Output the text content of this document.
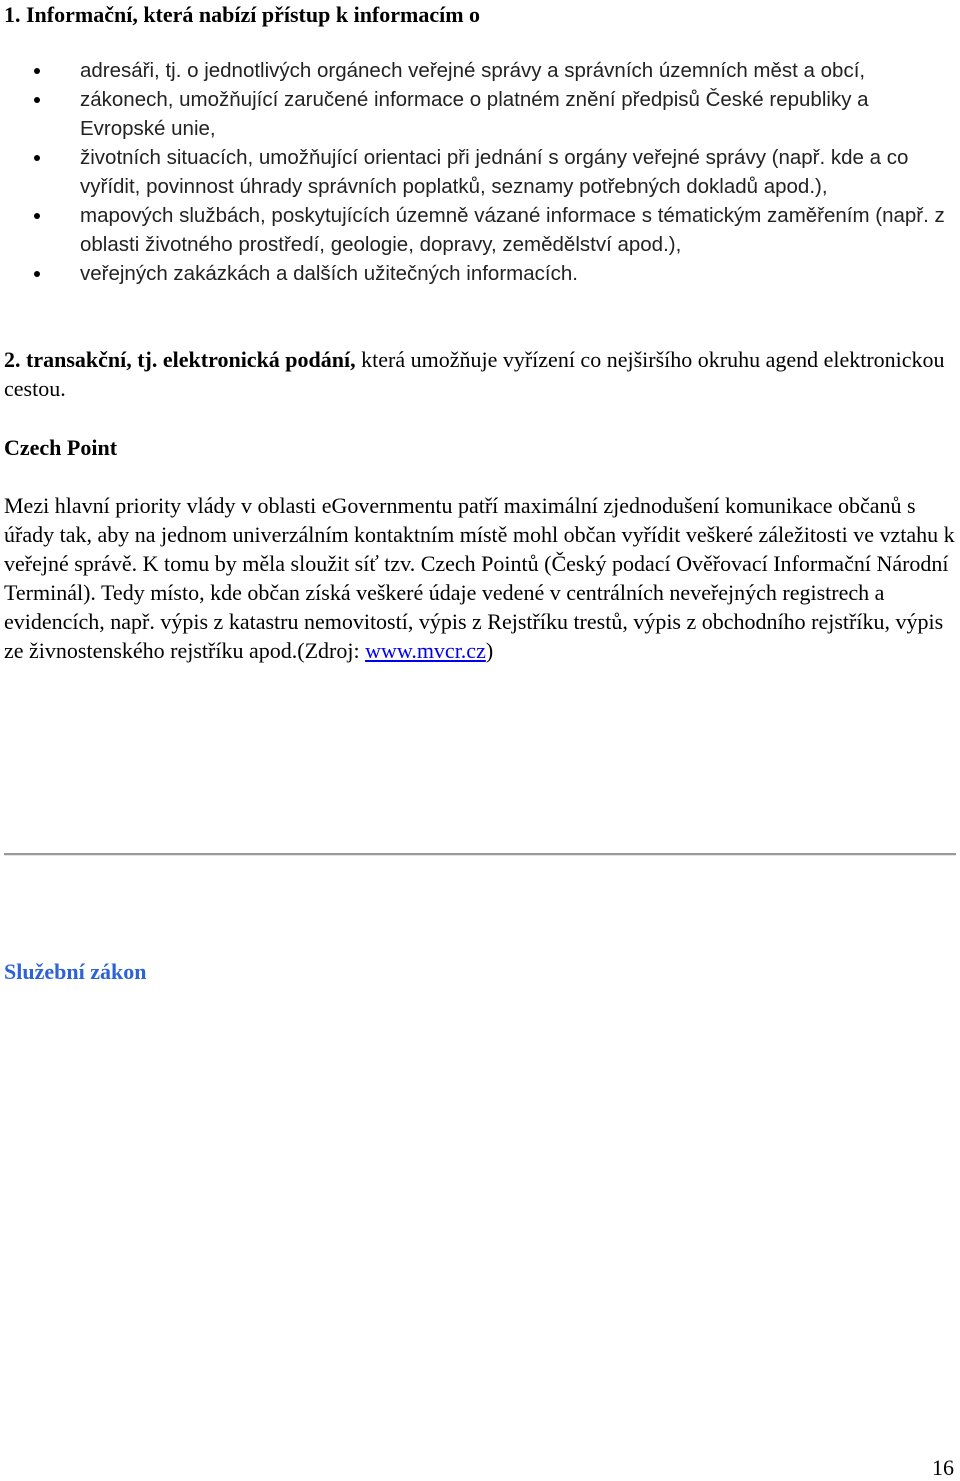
1. Informační, která nabízí přístup k informacím o
adresáři, tj. o jednotlivých orgánech veřejné správy a správních územních měst a obcí,
zákonech, umožňující zaručené informace o platném znění předpisů České republiky a Evropské unie,
životních situacích, umožňující orientaci při jednání s orgány veřejné správy (např. kde a co vyřídit, povinnost úhrady správních poplatků, seznamy potřebných dokladů apod.),
mapových službách, poskytujících územně vázané informace s tématickým zaměřením (např. z oblasti životného prostředí, geologie, dopravy, zemědělství apod.),
veřejných zakázkách a dalších užitečných informacích.

2. transakční, tj. elektronická podání, která umožňuje vyřízení co nejširšího okruhu agend elektronickou cestou.

Czech Point

Mezi hlavní priority vlády v oblasti eGovernmentu patří maximální zjednodušení komunikace občanů s úřady tak, aby na jednom univerzálním kontaktním místě mohl občan vyřídit veškeré záležitosti ve vztahu k veřejné správě. K tomu by měla sloužit síť tzv. Czech Pointů (Český podací Ověřovací Informační Národní Terminál). Tedy místo, kde občan získá veškeré údaje vedené v centrálních neveřejných registrech a evidencích, např. výpis z katastru nemovitostí, výpis z Rejstříku trestů, výpis z obchodního rejstříku, výpis ze živnostenského rejstříku apod.(Zdroj: www.mvcr.cz)

Služební zákon
16
